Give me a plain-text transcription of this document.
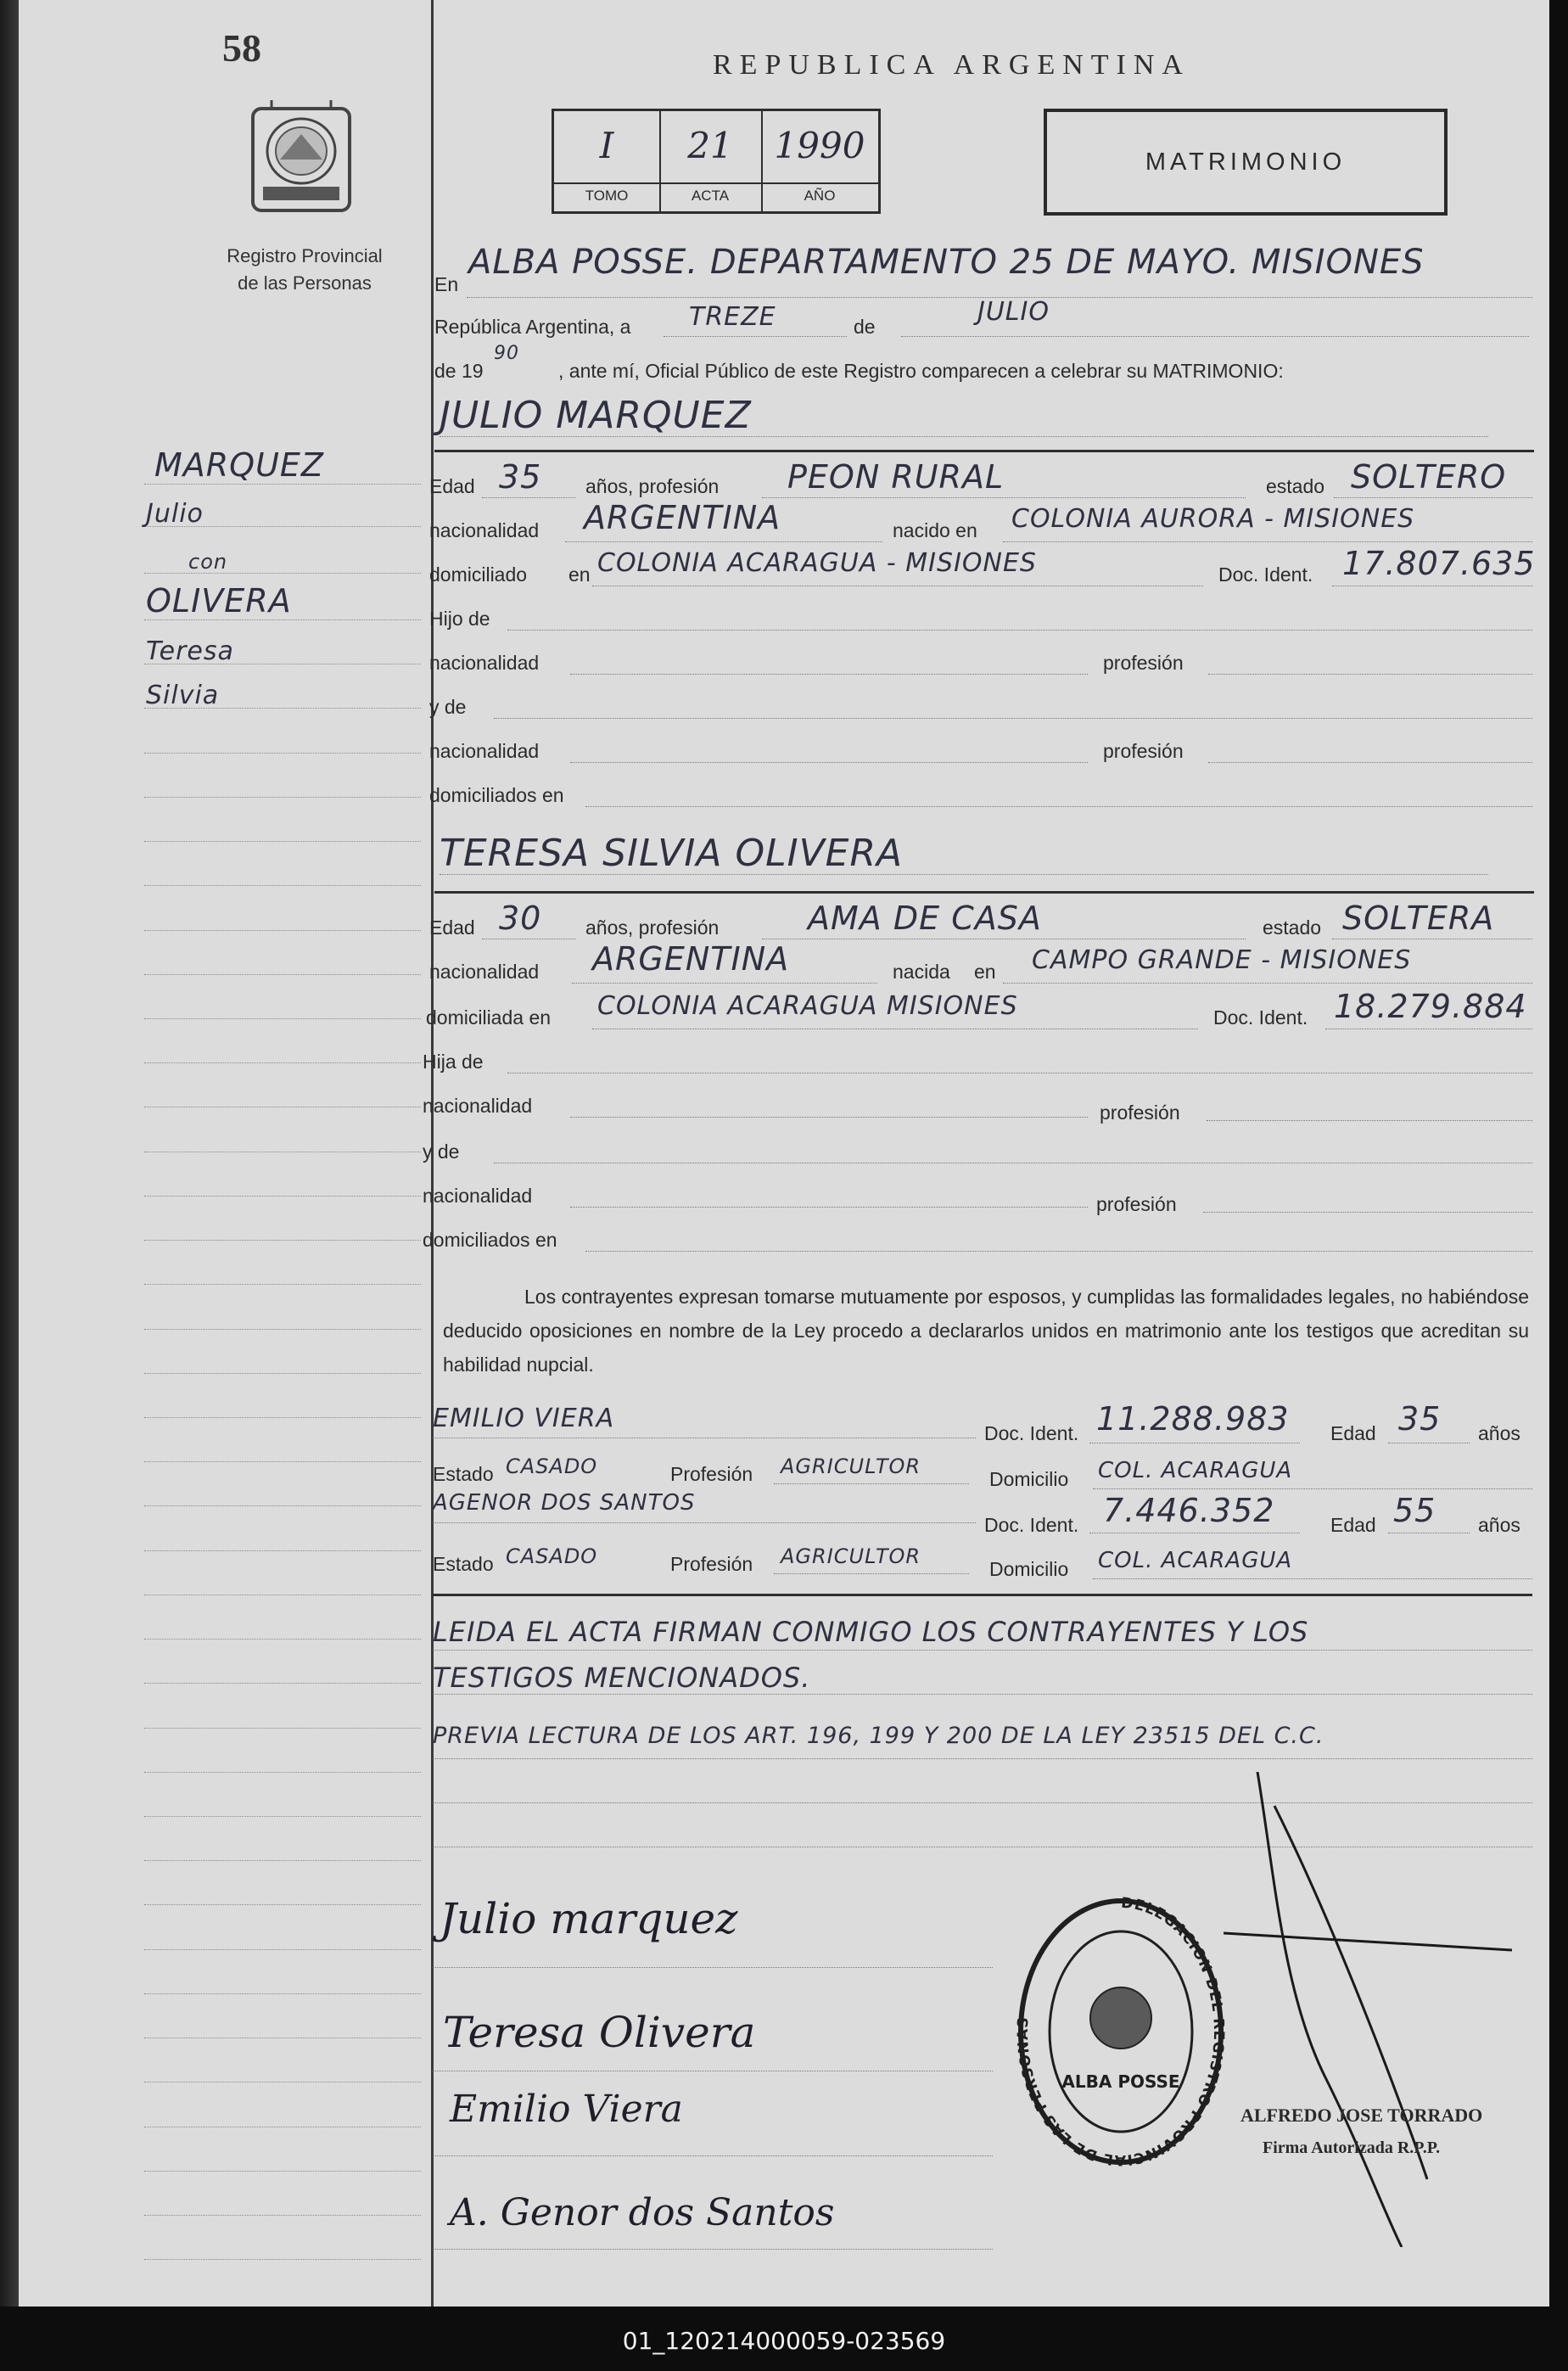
58
Registro Provincial
de las Personas
REPUBLICA ARGENTINA
I
TOMO
21
ACTA
1990
AÑO
MATRIMONIO
MARQUEZ
Julio
con
OLIVERA
Teresa
Silvia
En
ALBA POSSE. DEPARTAMENTO 25 DE MAYO. MISIONES
República Argentina, a TREZE	de	JULIO
de 19
90
, ante mí, Oficial Público de este Registro comparecen a celebrar su MATRIMONIO:
JULIO MARQUEZ
Edad 35 años, profesión PEON RURAL	estado SOLTERO
nacionalidad ARGENTINA	nacido en COLONIA AURORA - MISIONES
domiciliado en COLONIA ACARAGUA - MISIONES	Doc. Ident. 17.807.635
Hijo de
nacionalidad	profesión
y de
nacionalidad	profesión
domiciliados en
TERESA SILVIA OLIVERA
Edad 30 años, profesión	AMA DE CASA	estado SOLTERA
nacionalidad ARGENTINA	nacida en CAMPO GRANDE - MISIONES
domiciliada en COLONIA ACARAGUA MISIONES	Doc. Ident. 18.279.884
Hija de
nacionalidad	profesión
y de
nacionalidad	profesión
domiciliados en
Los contrayentes expresan tomarse mutuamente por esposos, y cumplidas las formalidades legales, no habiéndose deducido oposiciones en nombre de la Ley procedo a declararlos unidos en matrimonio ante los testigos que acreditan su habilidad nupcial.
EMILIO VIERA	Doc. Ident. 11.288.983 Edad 35 años
Estado CASADO	Profesión AGRICULTOR
Domicilio COL. ACARAGUA
AGENOR DOS SANTOS
Doc. Ident. 7.446.352	Edad 55 años
Estado CASADO	Profesión AGRICULTOR
Domicilio COL. ACARAGUA
LEIDA EL ACTA FIRMAN CONMIGO LOS CONTRAYENTES Y LOS
TESTIGOS MENCIONADOS.
PREVIA LECTURA DE LOS ART. 196, 199 Y 200 DE LA LEY 23515 DEL C.C.
Julio marquez
Teresa Olivera
Emilio Viera
A. Genor dos Santos
DELEGACION DEL REGISTRO PROVINCIAL DE LAS PERSONAS
ALBA POSSE
ALFREDO JOSE TORRADO
Firma Autorizada R.P.P.
01_120214000059-023569
